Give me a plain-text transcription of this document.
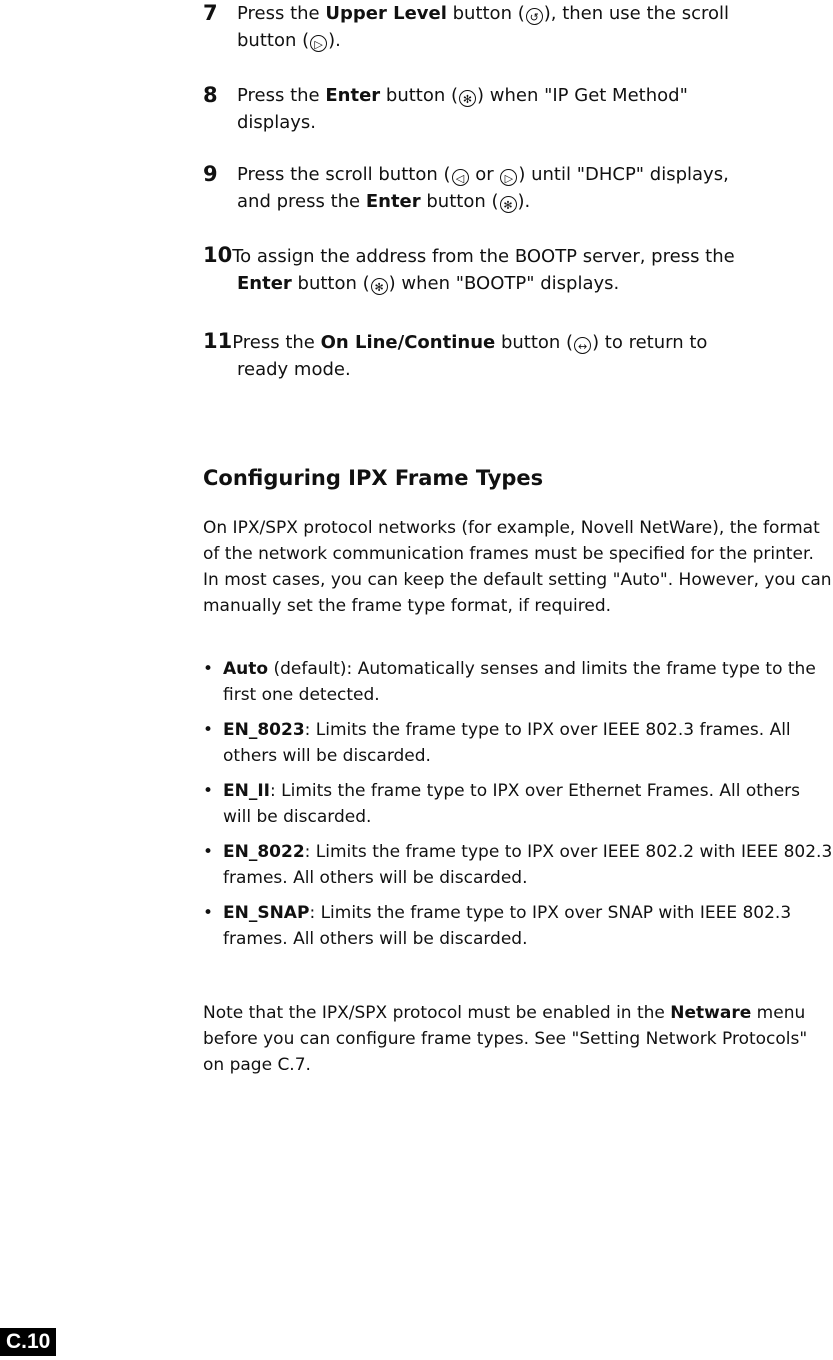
7 Press the Upper Level button ( ↺ ), then use the scroll
button ( ▷ ).
8 Press the Enter button ( ✻ ) when "IP Get Method"
displays.
9 Press the scroll button ( ◁ or ▷ ) until "DHCP" displays,
and press the Enter button ( ✻ ).
10To assign the address from the BOOTP server, press the
Enter button ( ✻ ) when "BOOTP" displays.
11Press the On Line/Continue button ( ↔ ) to return to
ready mode.
Configuring IPX Frame Types
On IPX/SPX protocol networks (for example, Novell NetWare), the format of the network communication frames must be specified for the printer. In most cases, you can keep the default setting "Auto". However, you can manually set the frame type format, if required.
• Auto (default): Automatically senses and limits the frame type to the first one detected.
• EN_8023: Limits the frame type to IPX over IEEE 802.3 frames. All others will be discarded.
• EN_II: Limits the frame type to IPX over Ethernet Frames. All others will be discarded.
• EN_8022: Limits the frame type to IPX over IEEE 802.2 with IEEE 802.3 frames. All others will be discarded.
• EN_SNAP: Limits the frame type to IPX over SNAP with IEEE 802.3 frames. All others will be discarded.
Note that the IPX/SPX protocol must be enabled in the Netware menu before you can configure frame types. See "Setting Network Protocols" on page C.7.
C.10
